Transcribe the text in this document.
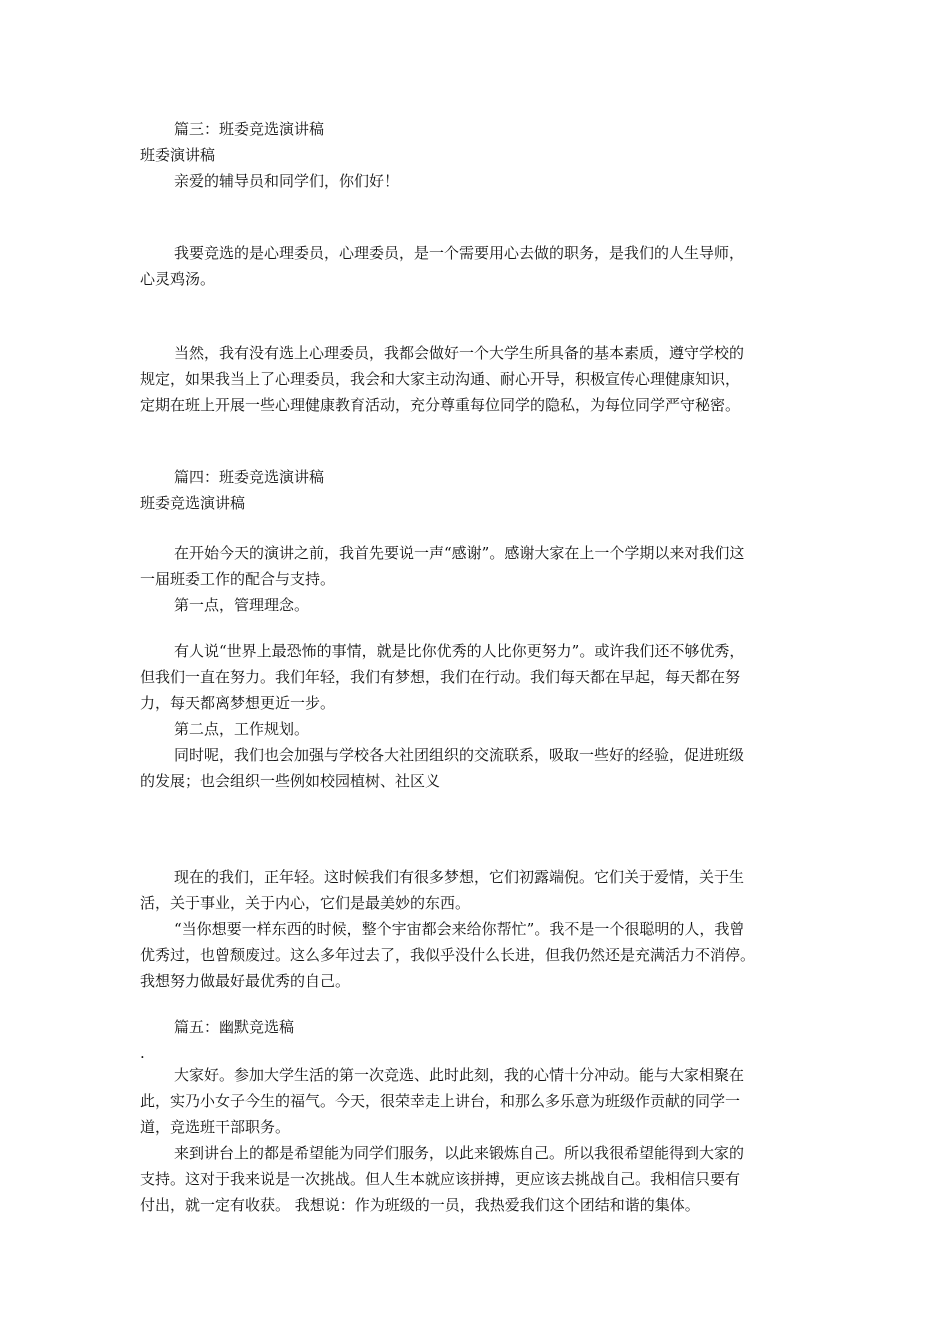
篇三：班委竞选演讲稿
班委演讲稿
亲爱的辅导员和同学们，你们好！
我要竞选的是心理委员，心理委员，是一个需要用心去做的职务，是我们的人生导师，
心灵鸡汤。
当然，我有没有选上心理委员，我都会做好一个大学生所具备的基本素质，遵守学校的
规定，如果我当上了心理委员，我会和大家主动沟通、耐心开导，积极宣传心理健康知识，
定期在班上开展一些心理健康教育活动，充分尊重每位同学的隐私，为每位同学严守秘密。
篇四：班委竞选演讲稿
班委竞选演讲稿
在开始今天的演讲之前，我首先要说一声“感谢”。感谢大家在上一个学期以来对我们这
一届班委工作的配合与支持。
第一点，管理理念。
有人说“世界上最恐怖的事情，就是比你优秀的人比你更努力”。或许我们还不够优秀，
但我们一直在努力。我们年轻，我们有梦想，我们在行动。我们每天都在早起，每天都在努
力，每天都离梦想更近一步。
第二点，工作规划。
同时呢，我们也会加强与学校各大社团组织的交流联系，吸取一些好的经验，促进班级
的发展；也会组织一些例如校园植树、社区义
现在的我们，正年轻。这时候我们有很多梦想，它们初露端倪。它们关于爱情，关于生
活，关于事业，关于内心，它们是最美妙的东西。
“当你想要一样东西的时候，整个宇宙都会来给你帮忙”。我不是一个很聪明的人，我曾
优秀过，也曾颓废过。这么多年过去了，我似乎没什么长进，但我仍然还是充满活力不消停。
我想努力做最好最优秀的自己。
篇五：幽默竞选稿
.
大家好。参加大学生活的第一次竞选、此时此刻，我的心情十分冲动。能与大家相聚在
此，实乃小女子今生的福气。今天，很荣幸走上讲台，和那么多乐意为班级作贡献的同学一
道，竞选班干部职务。
来到讲台上的都是希望能为同学们服务，以此来锻炼自己。所以我很希望能得到大家的
支持。这对于我来说是一次挑战。但人生本就应该拼搏，更应该去挑战自己。我相信只要有
付出，就一定有收获。 我想说：作为班级的一员，我热爱我们这个团结和谐的集体。
